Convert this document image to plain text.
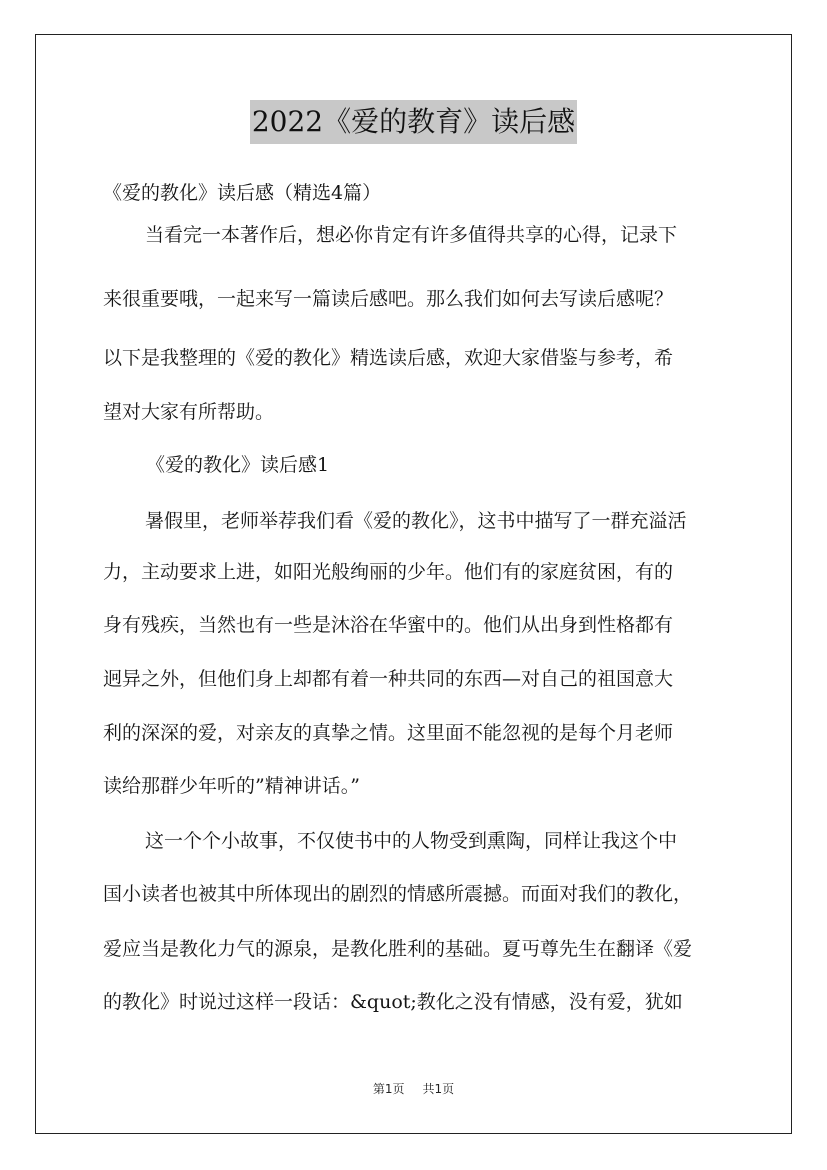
2022《爱的教育》读后感
《爱的教化》读后感（精选4篇）
当看完一本著作后，想必你肯定有许多值得共享的心得，记录下
来很重要哦，一起来写一篇读后感吧。那么我们如何去写读后感呢？
以下是我整理的《爱的教化》精选读后感，欢迎大家借鉴与参考，希
望对大家有所帮助。
《爱的教化》读后感1
暑假里，老师举荐我们看《爱的教化》，这书中描写了一群充溢活
力，主动要求上进，如阳光般绚丽的少年。他们有的家庭贫困，有的
身有残疾，当然也有一些是沐浴在华蜜中的。他们从出身到性格都有
迥异之外，但他们身上却都有着一种共同的东西—对自己的祖国意大
利的深深的爱，对亲友的真挚之情。这里面不能忽视的是每个月老师
读给那群少年听的”精神讲话。”
这一个个小故事，不仅使书中的人物受到熏陶，同样让我这个中
国小读者也被其中所体现出的剧烈的情感所震撼。而面对我们的教化，
爱应当是教化力气的源泉，是教化胜利的基础。夏丏尊先生在翻译《爱
的教化》时说过这样一段话：&quot;教化之没有情感，没有爱，犹如
第1页 共1页
